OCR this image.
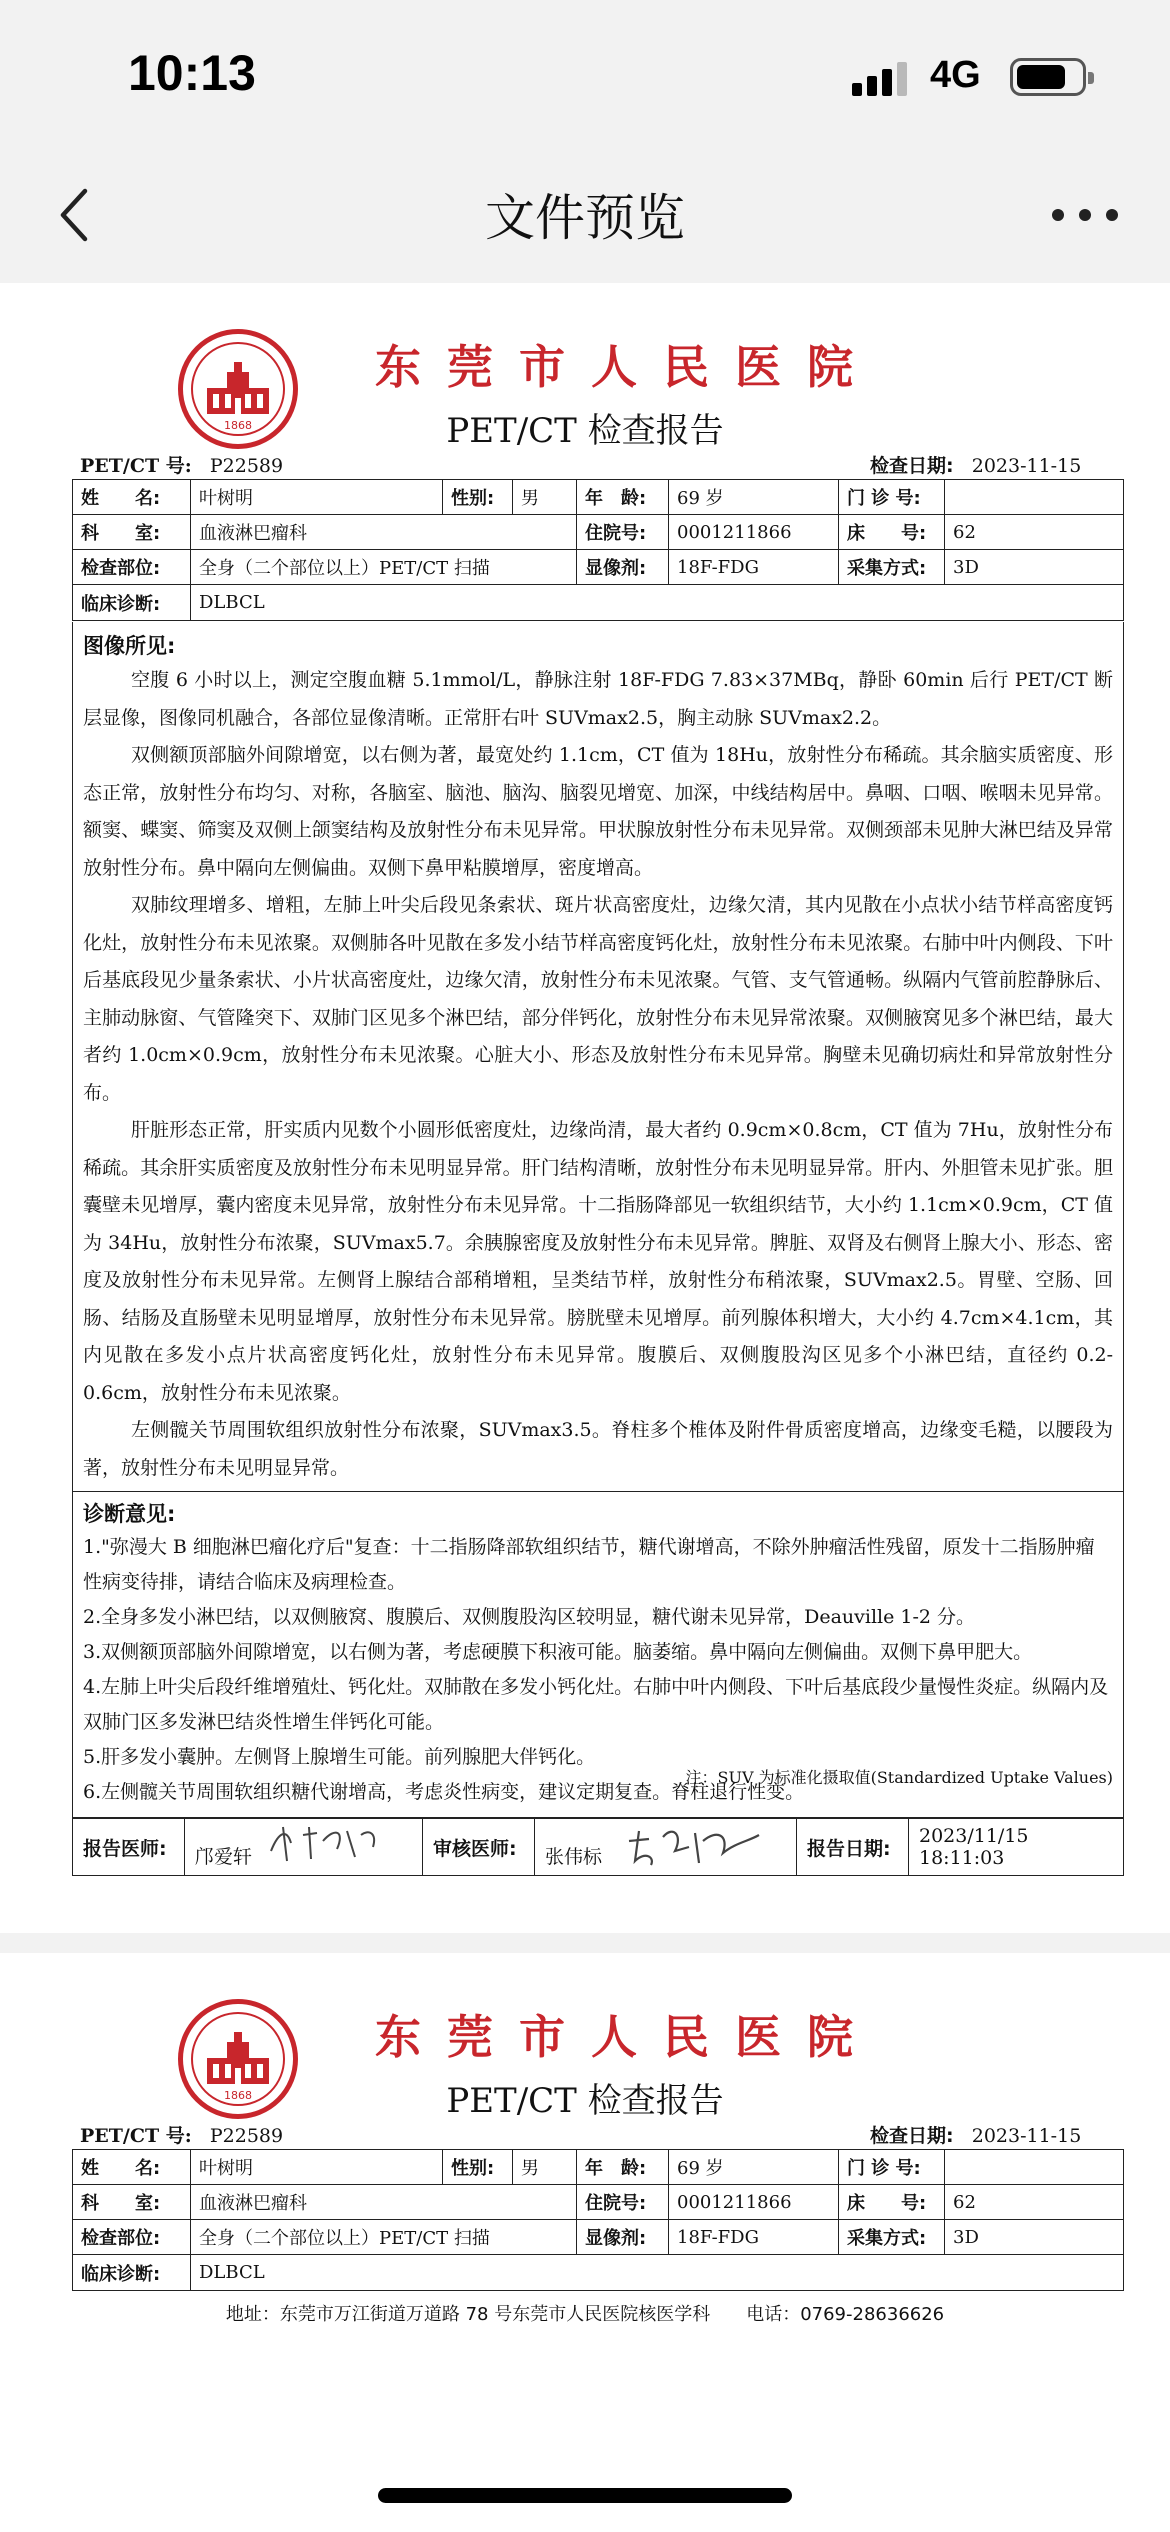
10:13	4G
文件预览
1868
东莞市人民医院
PET/CT 检查报告
PET/CT 号: P22589	检查日期: 2023-11-15
姓　　名:	叶树明	性别:	男	年　龄:	69 岁	门 诊 号:
科　　室:	血液淋巴瘤科	住院号:	0001211866	床　　号:	62
检查部位:	全身（二个部位以上）PET/CT 扫描	显像剂:	18F-FDG	采集方式:	3D
临床诊断:	DLBCL
图像所见:

空腹 6 小时以上，测定空腹血糖 5.1mmol/L，静脉注射 18F-FDG 7.83×37MBq，静卧 60min 后行 PET/CT 断层显像，图像同机融合，各部位显像清晰。正常肝右叶 SUVmax2.5，胸主动脉 SUVmax2.2。

双侧额顶部脑外间隙增宽，以右侧为著，最宽处约 1.1cm，CT 值为 18Hu，放射性分布稀疏。其余脑实质密度、形态正常，放射性分布均匀、对称，各脑室、脑池、脑沟、脑裂见增宽、加深，中线结构居中。鼻咽、口咽、喉咽未见异常。额窦、蝶窦、筛窦及双侧上颌窦结构及放射性分布未见异常。甲状腺放射性分布未见异常。双侧颈部未见肿大淋巴结及异常放射性分布。鼻中隔向左侧偏曲。双侧下鼻甲粘膜增厚，密度增高。

双肺纹理增多、增粗，左肺上叶尖后段见条索状、斑片状高密度灶，边缘欠清，其内见散在小点状小结节样高密度钙化灶，放射性分布未见浓聚。双侧肺各叶见散在多发小结节样高密度钙化灶，放射性分布未见浓聚。右肺中叶内侧段、下叶后基底段见少量条索状、小片状高密度灶，边缘欠清，放射性分布未见浓聚。气管、支气管通畅。纵隔内气管前腔静脉后、主肺动脉窗、气管隆突下、双肺门区见多个淋巴结，部分伴钙化，放射性分布未见异常浓聚。双侧腋窝见多个淋巴结，最大者约 1.0cm×0.9cm，放射性分布未见浓聚。心脏大小、形态及放射性分布未见异常。胸壁未见确切病灶和异常放射性分布。

肝脏形态正常，肝实质内见数个小圆形低密度灶，边缘尚清，最大者约 0.9cm×0.8cm，CT 值为 7Hu，放射性分布稀疏。其余肝实质密度及放射性分布未见明显异常。肝门结构清晰，放射性分布未见明显异常。肝内、外胆管未见扩张。胆囊壁未见增厚，囊内密度未见异常，放射性分布未见异常。十二指肠降部见一软组织结节，大小约 1.1cm×0.9cm，CT 值为 34Hu，放射性分布浓聚，SUVmax5.7。余胰腺密度及放射性分布未见异常。脾脏、双肾及右侧肾上腺大小、形态、密度及放射性分布未见异常。左侧肾上腺结合部稍增粗，呈类结节样，放射性分布稍浓聚，SUVmax2.5。胃壁、空肠、回肠、结肠及直肠壁未见明显增厚，放射性分布未见异常。膀胱壁未见增厚。前列腺体积增大，大小约 4.7cm×4.1cm，其内见散在多发小点片状高密度钙化灶，放射性分布未见异常。腹膜后、双侧腹股沟区见多个小淋巴结，直径约 0.2-0.6cm，放射性分布未见浓聚。

左侧髋关节周围软组织放射性分布浓聚，SUVmax3.5。脊柱多个椎体及附件骨质密度增高，边缘变毛糙，以腰段为著，放射性分布未见明显异常。

诊断意见:

1."弥漫大 B 细胞淋巴瘤化疗后"复查：十二指肠降部软组织结节，糖代谢增高，不除外肿瘤活性残留，原发十二指肠肿瘤性病变待排，请结合临床及病理检查。

2.全身多发小淋巴结，以双侧腋窝、腹膜后、双侧腹股沟区较明显，糖代谢未见异常，Deauville 1-2 分。

3.双侧额顶部脑外间隙增宽，以右侧为著，考虑硬膜下积液可能。脑萎缩。鼻中隔向左侧偏曲。双侧下鼻甲肥大。

4.左肺上叶尖后段纤维增殖灶、钙化灶。双肺散在多发小钙化灶。右肺中叶内侧段、下叶后基底段少量慢性炎症。纵隔内及双肺门区多发淋巴结炎性增生伴钙化可能。

5.肝多发小囊肿。左侧肾上腺增生可能。前列腺肥大伴钙化。

6.左侧髋关节周围软组织糖代谢增高，考虑炎性病变，建议定期复查。脊柱退行性变。

注：SUV 为标准化摄取值(Standardized Uptake Values)
报告医师:	邝爱轩	审核医师:	张伟标	报告日期:
2023/11/15 18:11:03
1868
东莞市人民医院
PET/CT 检查报告
PET/CT 号: P22589	检查日期: 2023-11-15
姓　　名:	叶树明	性别:	男	年　龄:	69 岁	门 诊 号:
科　　室:	血液淋巴瘤科	住院号:	0001211866	床　　号:	62
检查部位:	全身（二个部位以上）PET/CT 扫描	显像剂:	18F-FDG	采集方式:	3D
临床诊断:	DLBCL
地址：东莞市万江街道万道路 78 号东莞市人民医院核医学科　　电话：0769-28636626
